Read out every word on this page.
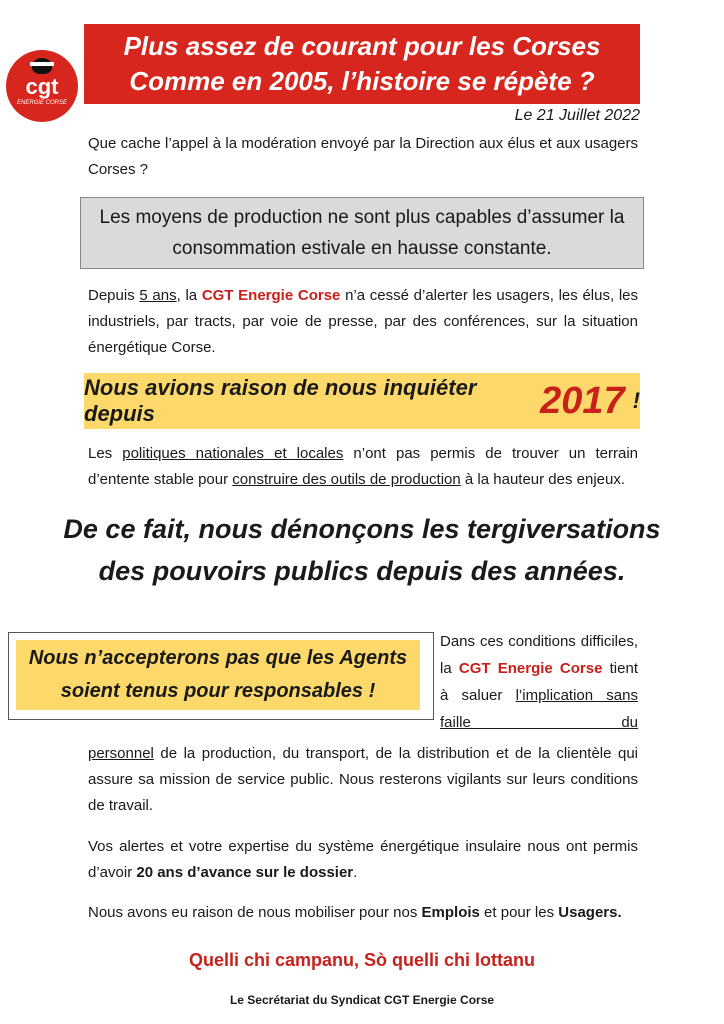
cgt
ENERGIE CORSE
Plus assez de courant pour les Corses
Comme en 2005, l’histoire se répète ?
Le 21 Juillet 2022
Que cache l’appel à la modération envoyé par la Direction aux élus et aux usagers Corses ?
Les moyens de production ne sont plus capables d’assumer la
consommation estivale en hausse constante.
Depuis 5 ans, la CGT Energie Corse n’a cessé d’alerter les usagers, les élus, les industriels, par tracts, par voie de presse, par des conférences, sur la situation énergétique Corse.
Nous avions raison de nous inquiéter depuis	2017 !
Les politiques nationales et locales n’ont pas permis de trouver un terrain d’entente stable pour construire des outils de production à la hauteur des enjeux.
De ce fait, nous dénonçons les tergiversations
des pouvoirs publics depuis des années.
Nous n’accepterons pas que les Agents
soient tenus pour responsables !
Dans ces conditions difficiles, la CGT Energie Corse tient à saluer l’implication sans faille du
personnel de la production, du transport, de la distribution et de la clientèle qui assure sa mission de service public. Nous resterons vigilants sur leurs conditions de travail.
Vos alertes et votre expertise du système énergétique insulaire nous ont permis d’avoir 20 ans d’avance sur le dossier.
Nous avons eu raison de nous mobiliser pour nos Emplois et pour les Usagers.
Quelli chi campanu, Sò quelli chi lottanu
Le Secrétariat du Syndicat CGT Energie Corse
